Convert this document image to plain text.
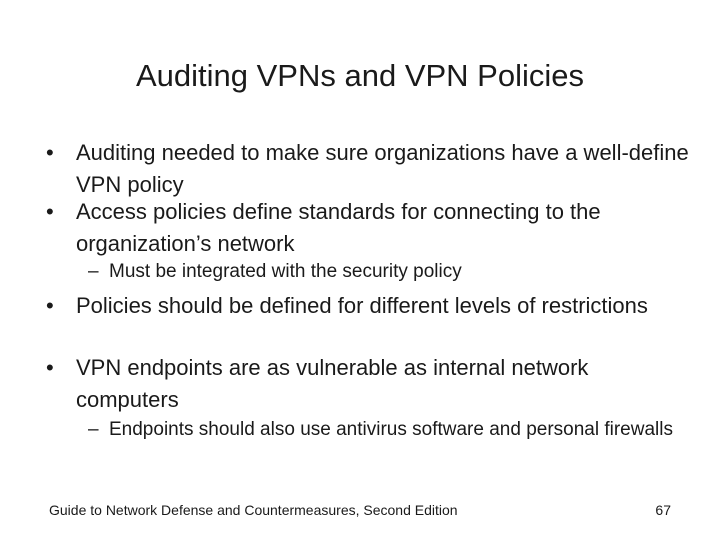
Auditing VPNs and VPN Policies
•	Auditing needed to make sure organizations have a well-define VPN policy
•	Access policies define standards for connecting to the organization’s network
– Must be integrated with the security policy
•	Policies should be defined for different levels of restrictions
•	VPN endpoints are as vulnerable as internal network computers
– Endpoints should also use antivirus software and personal firewalls
Guide to Network Defense and Countermeasures, Second Edition	67
